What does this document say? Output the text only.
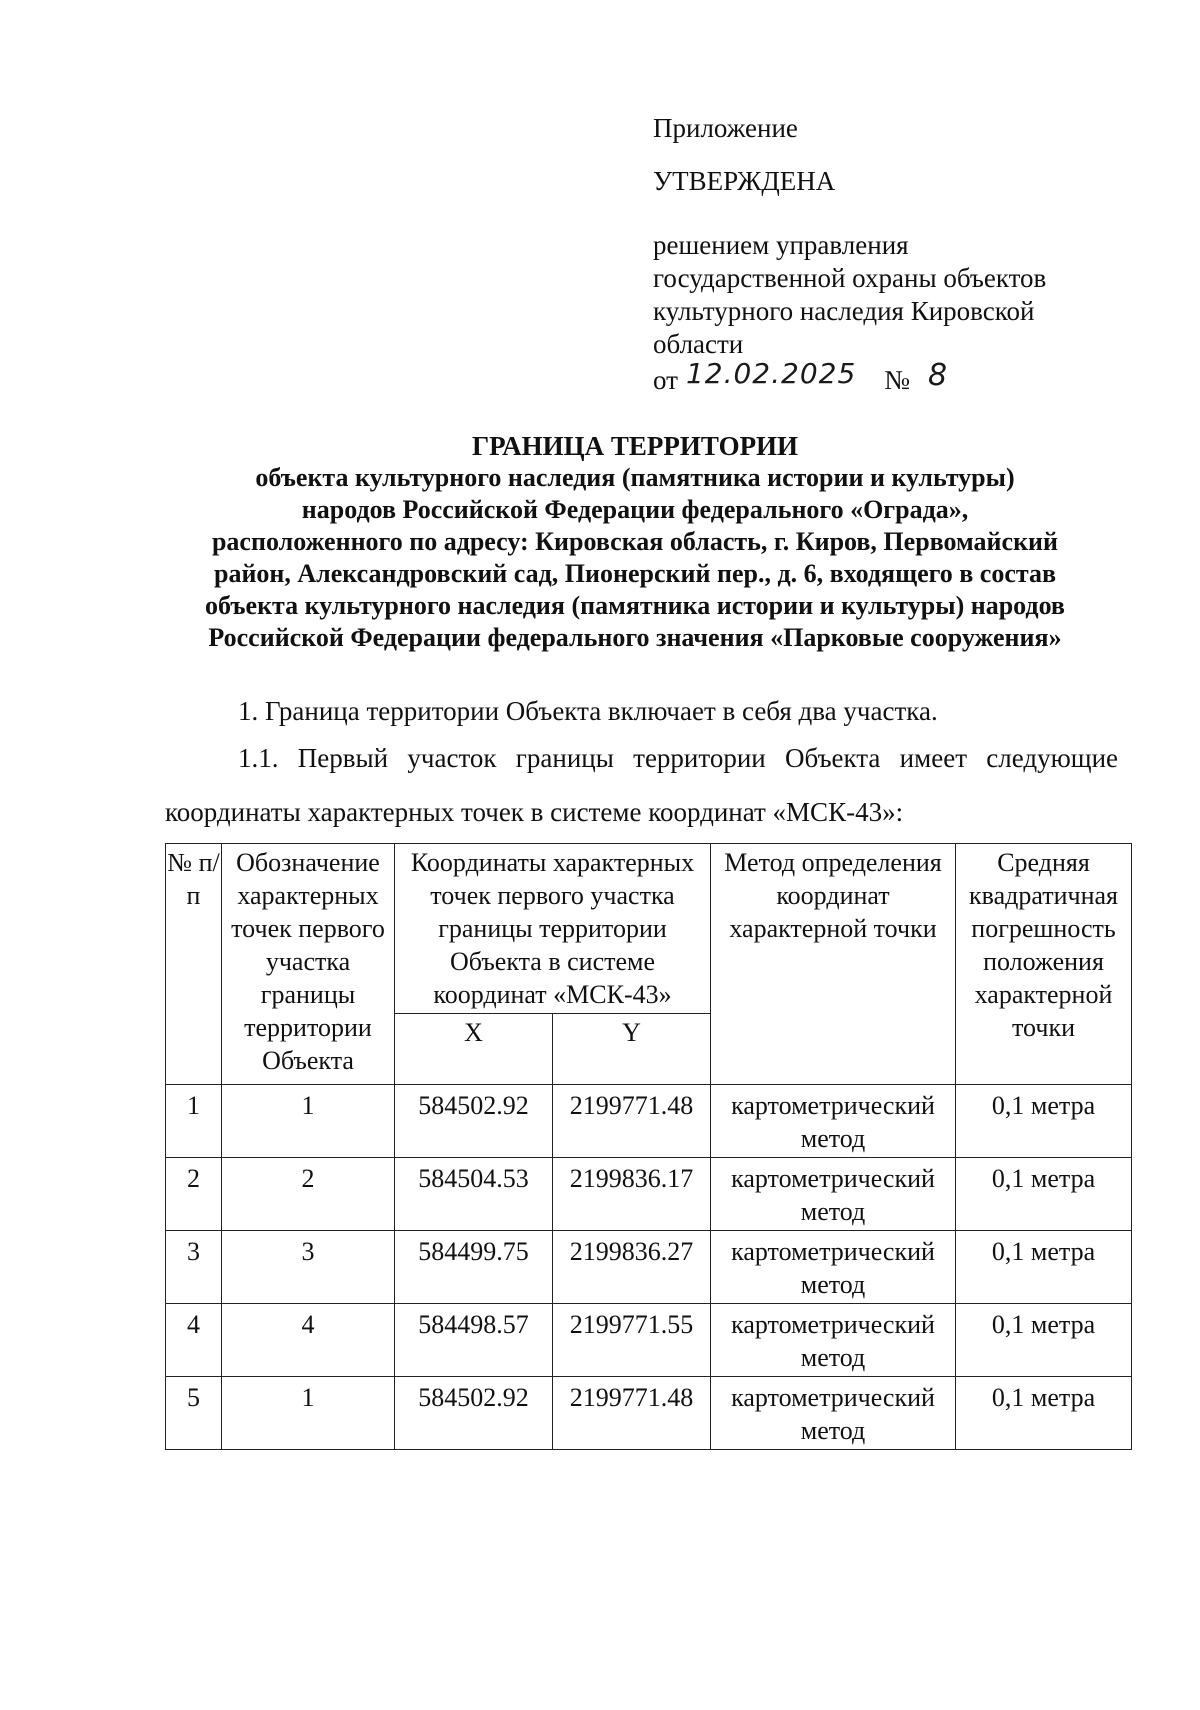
Приложение
УТВЕРЖДЕНА
решением управления
государственной охраны объектов
культурного наследия Кировской
области
от 12.02.2025 № 8
ГРАНИЦА ТЕРРИТОРИИ
объекта культурного наследия (памятника истории и культуры)
народов Российской Федерации федерального «Ограда»,
расположенного по адресу: Кировская область, г. Киров, Первомайский
район, Александровский сад, Пионерский пер., д. 6, входящего в состав
объекта культурного наследия (памятника истории и культуры) народов
Российской Федерации федерального значения «Парковые сооружения»
1. Граница территории Объекта включает в себя два участка.
1.1. Первый участок границы территории Объекта имеет следующие
координаты характерных точек в системе координат «МСК-43»:
№ п/п	Обозначение характерных точек первого участка границы территории Объекта	Координаты характерных точек первого участка границы территории Объекта в системе координат «МСК-43»		Метод определения координат характерной точки	Средняя квадратичная погрешность положения характерной точки
		X	Y		
1	1	584502.92	2199771.48	картометрический метод	0,1 метра
2	2	584504.53	2199836.17	картометрический метод	0,1 метра
3	3	584499.75	2199836.27	картометрический метод	0,1 метра
4	4	584498.57	2199771.55	картометрический метод	0,1 метра
5	1	584502.92	2199771.48	картометрический метод	0,1 метра
